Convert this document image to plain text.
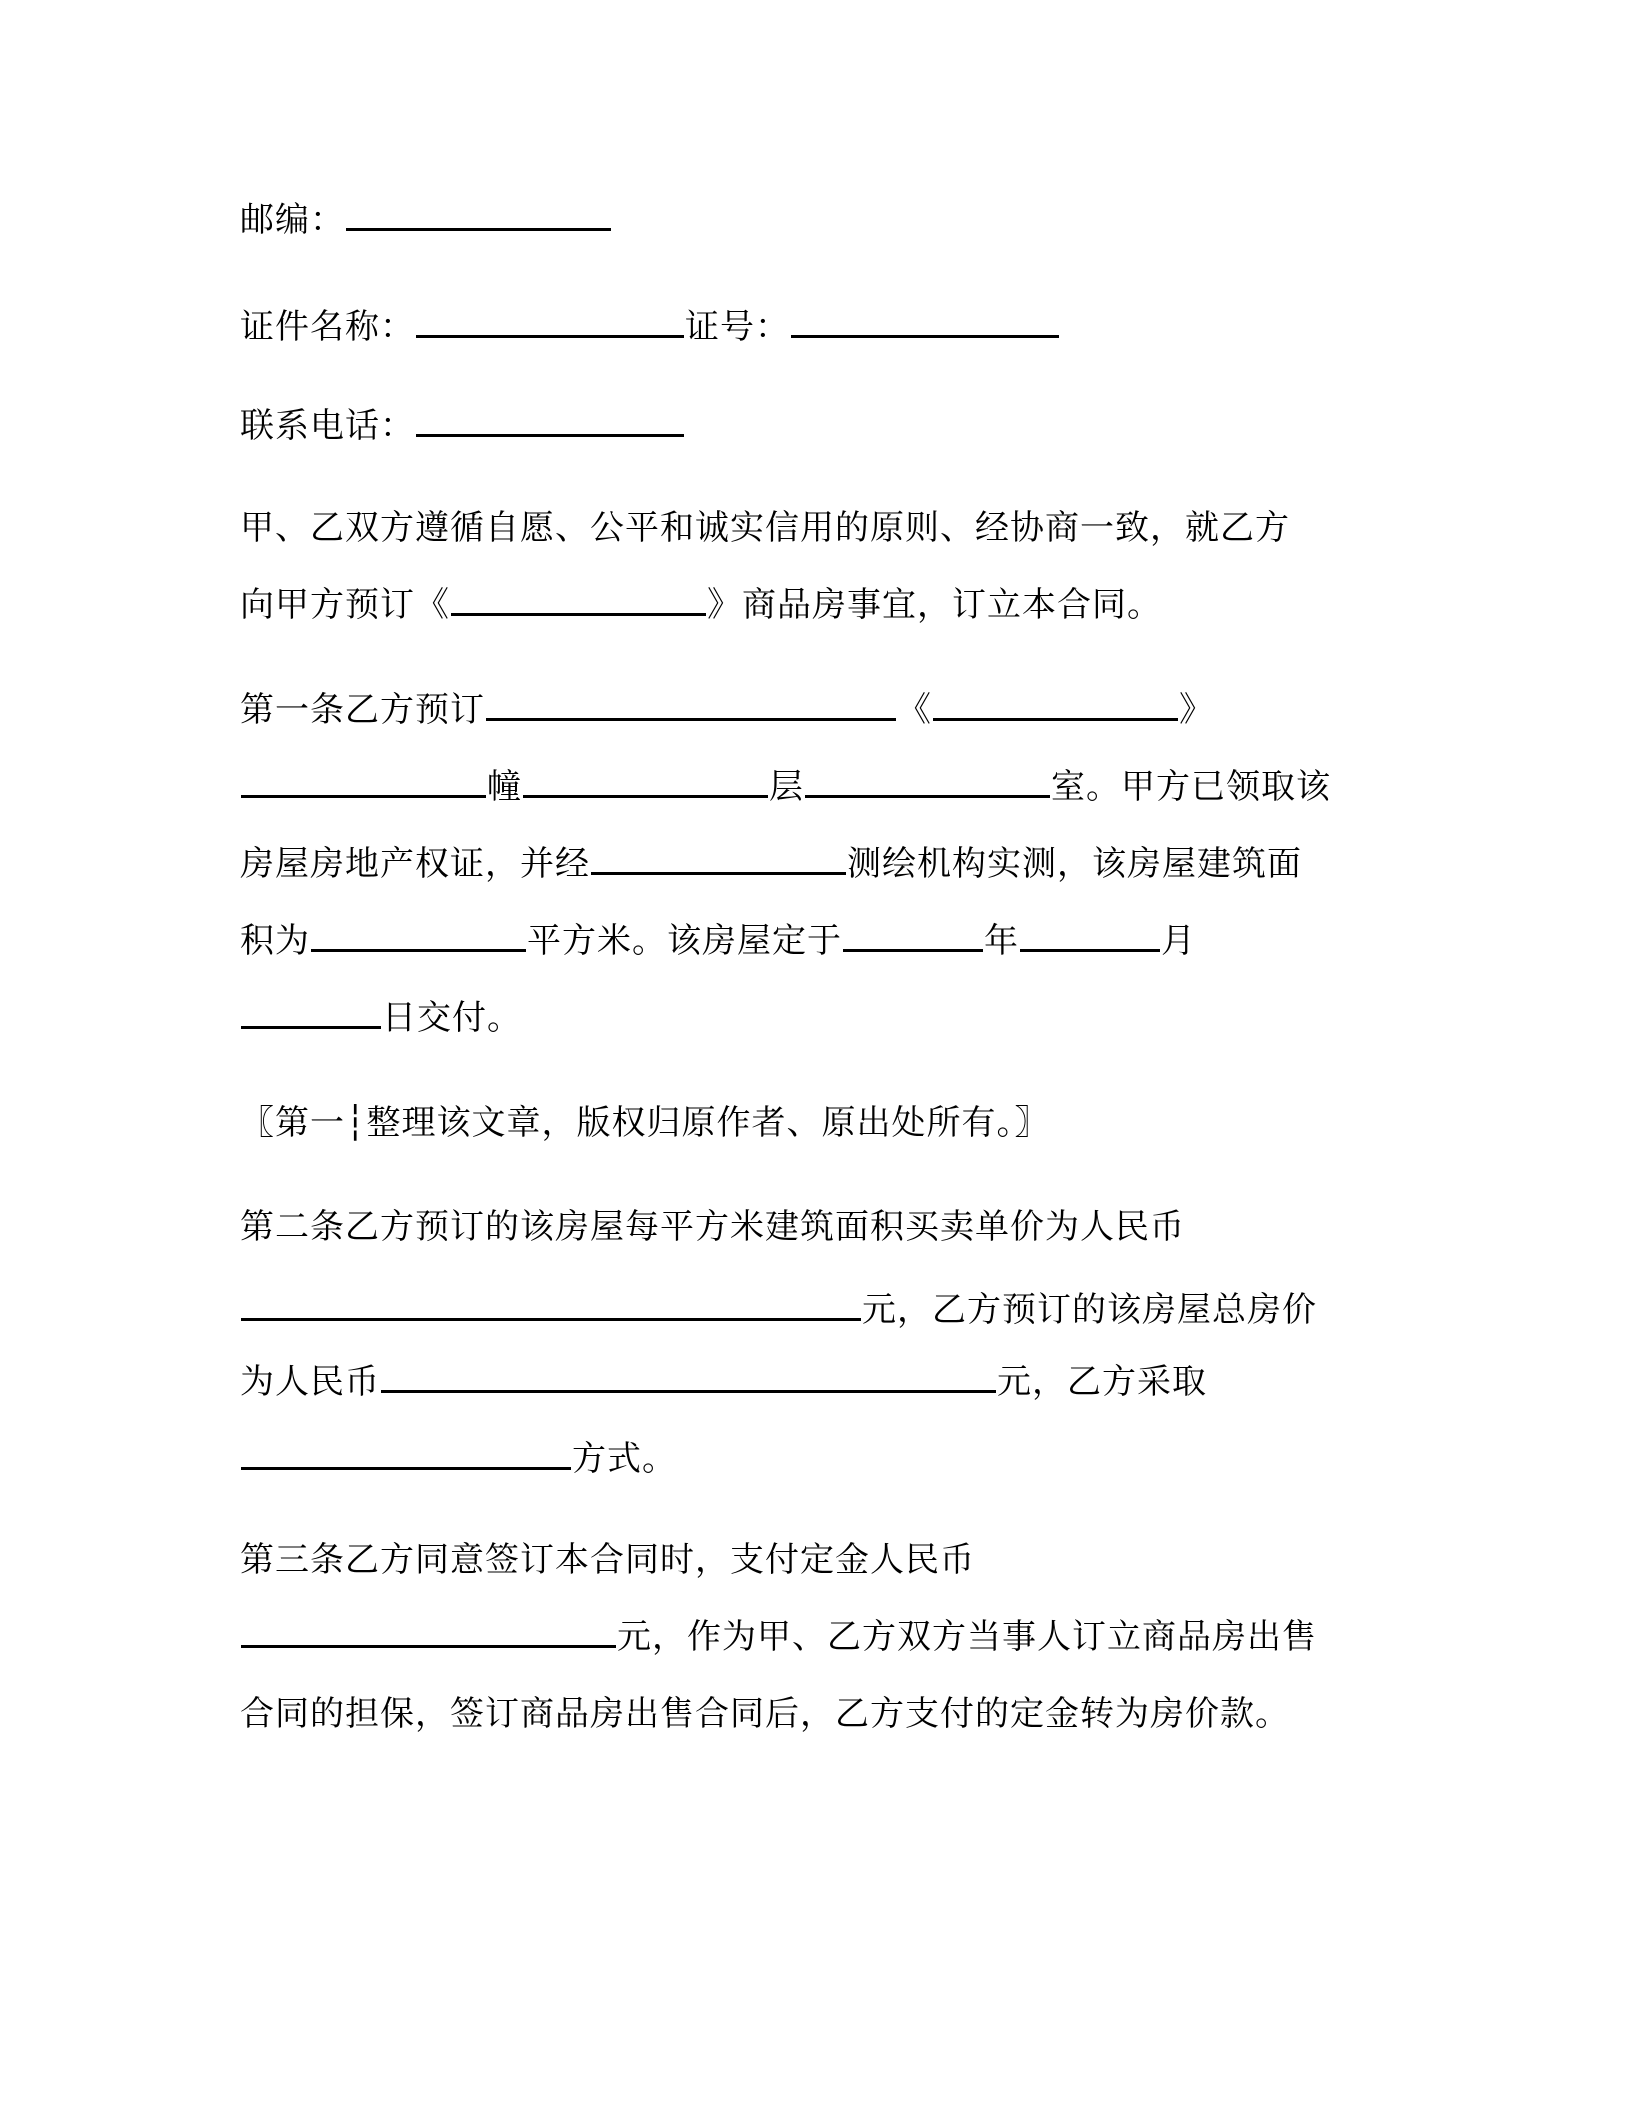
邮编：
证件名称：	证号：
联系电话：
甲、乙双方遵循自愿、公平和诚实信用的原则、经协商一致，就乙方
向甲方预订《	》商品房事宜，订立本合同。
第一条乙方预订	《	》
幢	层	室。甲方已领取该
房屋房地产权证，并经	测绘机构实测，该房屋建筑面
积为	平方米。该房屋定于	年	月
日交付。
〖第一┆整理该文章，版权归原作者、原出处所有。〗
第二条乙方预订的该房屋每平方米建筑面积买卖单价为人民币
元，乙方预订的该房屋总房价
为人民币	元，乙方采取
方式。
第三条乙方同意签订本合同时，支付定金人民币
元，作为甲、乙方双方当事人订立商品房出售
合同的担保，签订商品房出售合同后，乙方支付的定金转为房价款。
